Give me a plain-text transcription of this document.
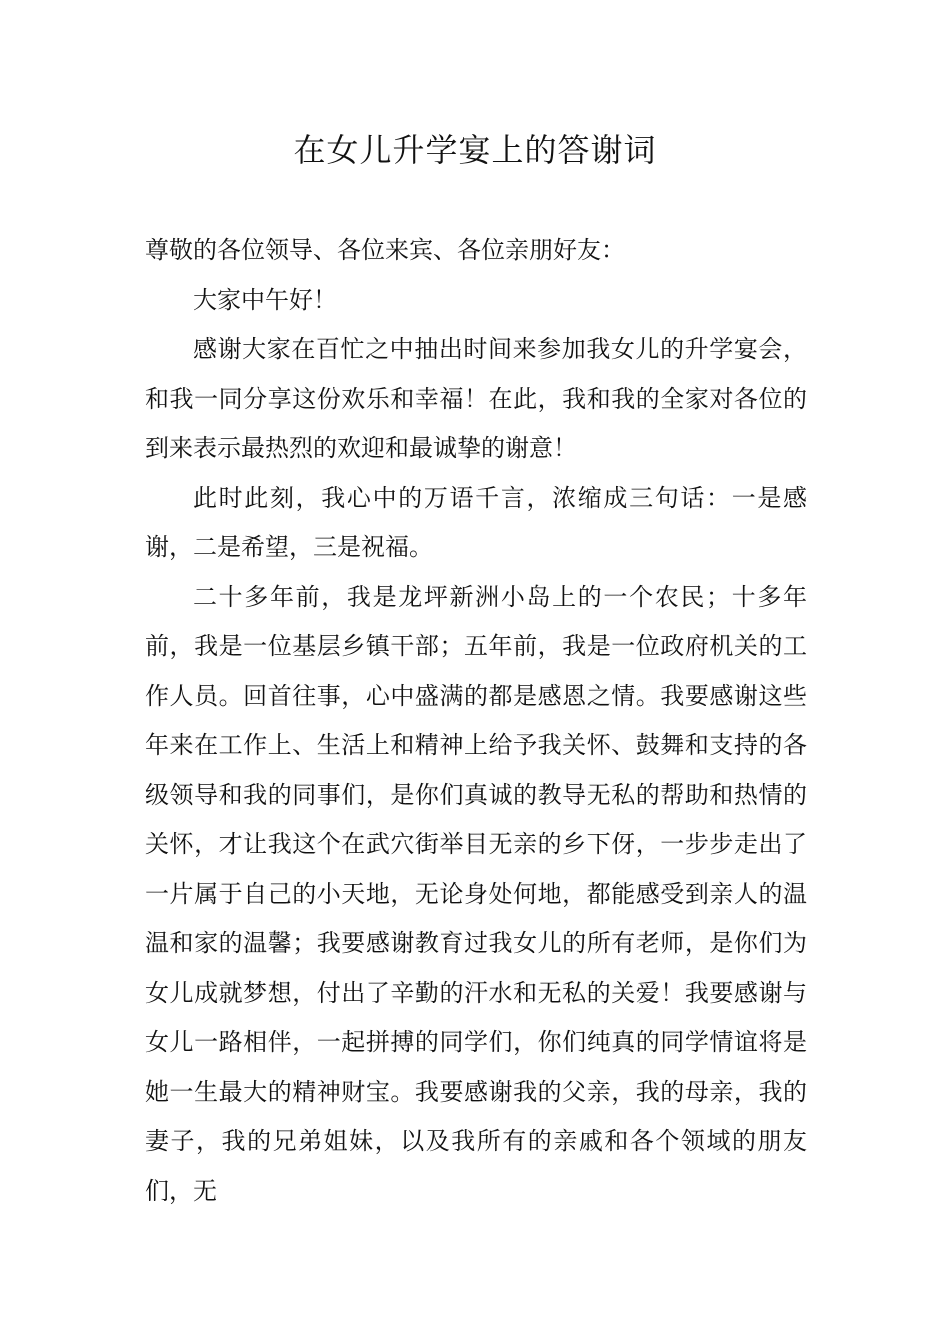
在女儿升学宴上的答谢词

尊敬的各位领导、各位来宾、各位亲朋好友：

大家中午好！

感谢大家在百忙之中抽出时间来参加我女儿的升学宴会，和我一同分享这份欢乐和幸福！在此，我和我的全家对各位的到来表示最热烈的欢迎和最诚挚的谢意！

此时此刻，我心中的万语千言，浓缩成三句话：一是感谢，二是希望，三是祝福。

二十多年前，我是龙坪新洲小岛上的一个农民；十多年前，我是一位基层乡镇干部；五年前，我是一位政府机关的工作人员。回首往事，心中盛满的都是感恩之情。我要感谢这些年来在工作上、生活上和精神上给予我关怀、鼓舞和支持的各级领导和我的同事们，是你们真诚的教导无私的帮助和热情的关怀，才让我这个在武穴街举目无亲的乡下伢，一步步走出了一片属于自己的小天地，无论身处何地，都能感受到亲人的温温和家的温馨；我要感谢教育过我女儿的所有老师，是你们为女儿成就梦想，付出了辛勤的汗水和无私的关爱！我要感谢与女儿一路相伴，一起拼搏的同学们，你们纯真的同学情谊将是她一生最大的精神财宝。我要感谢我的父亲，我的母亲，我的妻子，我的兄弟姐妹，以及我所有的亲戚和各个领域的朋友们，无
